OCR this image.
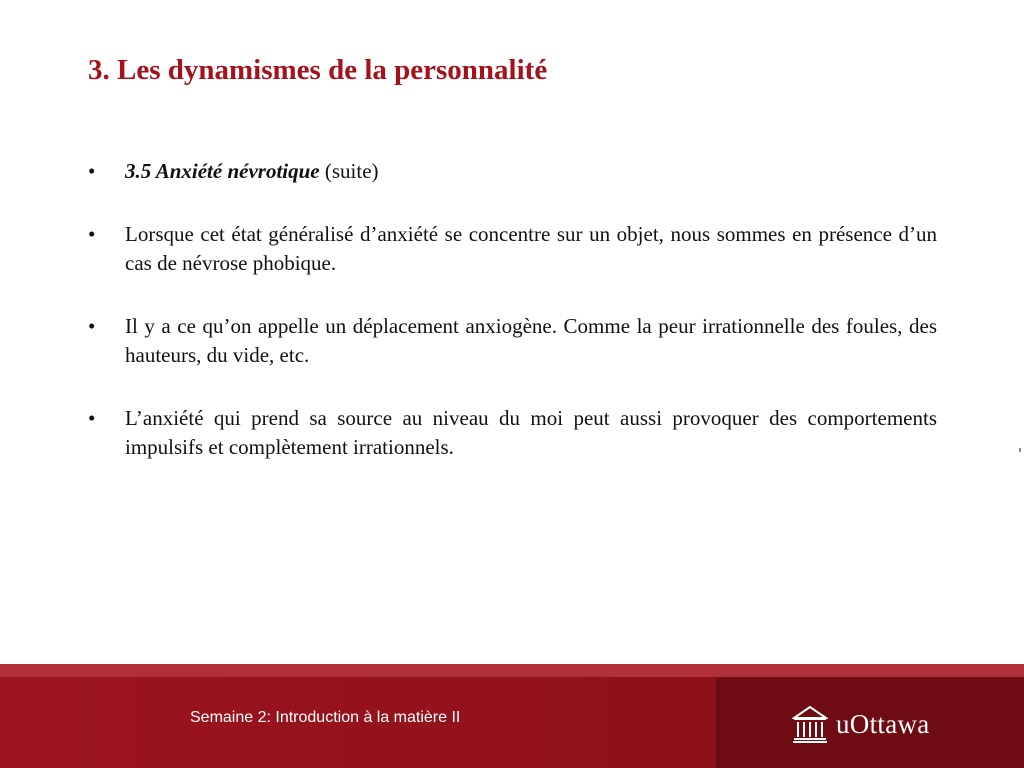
3. Les dynamismes de la personnalité
• 3.5 Anxiété névrotique (suite)
• Lorsque cet état généralisé d’anxiété se concentre sur un objet, nous sommes en présence d’un cas de névrose phobique.
• Il y a ce qu’on appelle un déplacement anxiogène. Comme la peur irrationnelle des foules, des hauteurs, du vide, etc.
• L’anxiété qui prend sa source au niveau du moi peut aussi provoquer des comportements impulsifs et complètement irrationnels.
Semaine 2: Introduction à la matière II	uOttawa
